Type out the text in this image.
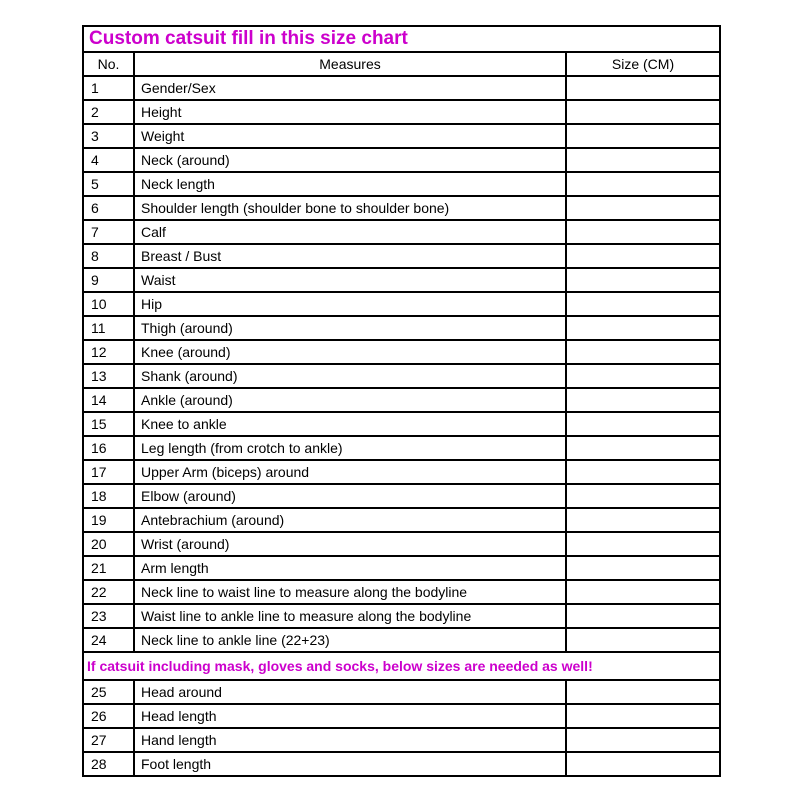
Custom catsuit fill in this size chart		
No.	Measures	Size (CM)
1	Gender/Sex	
2	Height	
3	Weight	
4	Neck (around)	
5	Neck length	
6	Shoulder length (shoulder bone to shoulder bone)	
7	Calf	
8	Breast / Bust	
9	Waist	
10	Hip	
11	Thigh (around)	
12	Knee (around)	
13	Shank (around)	
14	Ankle (around)	
15	Knee to ankle	
16	Leg length (from crotch to ankle)	
17	Upper Arm (biceps) around	
18	Elbow (around)	
19	Antebrachium (around)	
20	Wrist (around)	
21	Arm length	
22	Neck line to waist line to measure along the bodyline	
23	Waist line to ankle line to measure along the bodyline	
24	Neck line to ankle line (22+23)	
If catsuit including mask, gloves and socks, below sizes are needed as well!		
25	Head around	
26	Head length	
27	Hand length	
28	Foot length	
